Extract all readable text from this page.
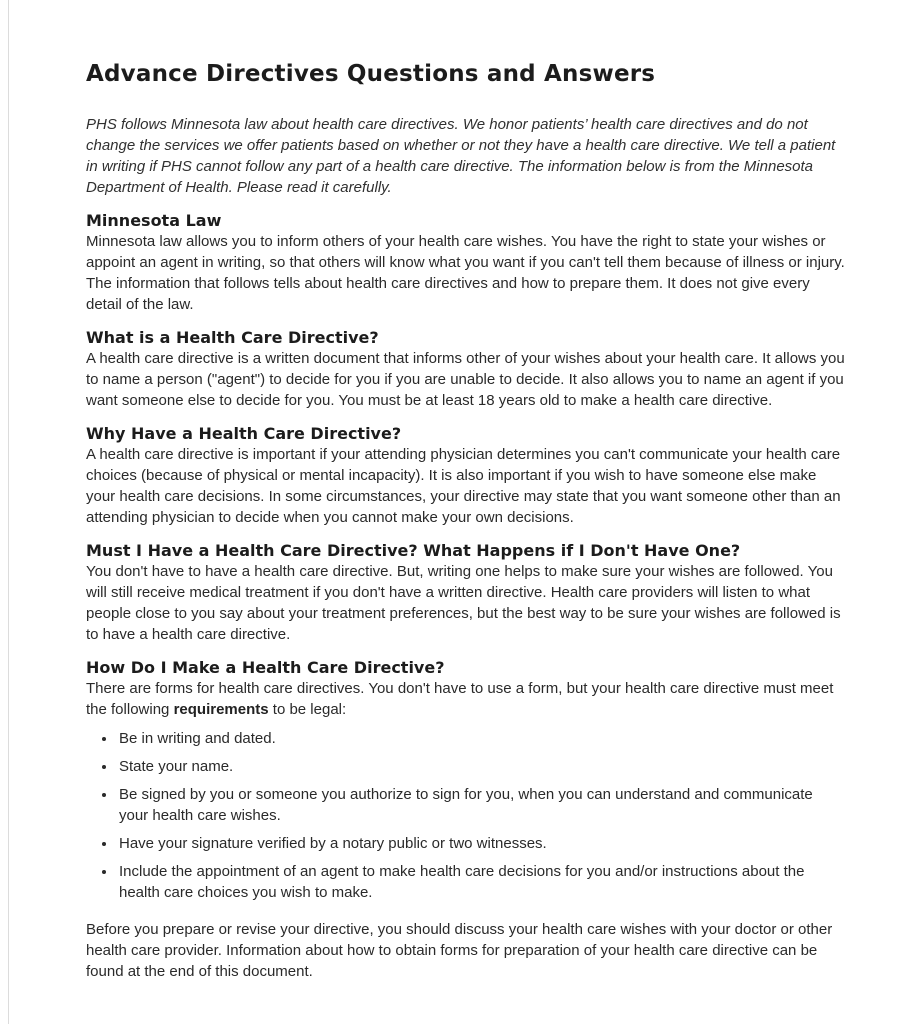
Advance Directives Questions and Answers

PHS follows Minnesota law about health care directives. We honor patients’ health care directives and do not change the services we offer patients based on whether or not they have a health care directive. We tell a patient in writing if PHS cannot follow any part of a health care directive. The information below is from the Minnesota Department of Health. Please read it carefully.

Minnesota Law

Minnesota law allows you to inform others of your health care wishes. You have the right to state your wishes or appoint an agent in writing, so that others will know what you want if you can't tell them because of illness or injury. The information that follows tells about health care directives and how to prepare them. It does not give every detail of the law.

What is a Health Care Directive?

A health care directive is a written document that informs other of your wishes about your health care. It allows you to name a person ("agent") to decide for you if you are unable to decide. It also allows you to name an agent if you want someone else to decide for you. You must be at least 18 years old to make a health care directive.

Why Have a Health Care Directive?

A health care directive is important if your attending physician determines you can't communicate your health care choices (because of physical or mental incapacity). It is also important if you wish to have someone else make your health care decisions. In some circumstances, your directive may state that you want someone other than an attending physician to decide when you cannot make your own decisions.

Must I Have a Health Care Directive? What Happens if I Don't Have One?

You don't have to have a health care directive. But, writing one helps to make sure your wishes are followed. You will still receive medical treatment if you don't have a written directive. Health care providers will listen to what people close to you say about your treatment preferences, but the best way to be sure your wishes are followed is to have a health care directive.

How Do I Make a Health Care Directive?

There are forms for health care directives. You don't have to use a form, but your health care directive must meet the following requirements to be legal:

• Be in writing and dated.
• State your name.
• Be signed by you or someone you authorize to sign for you, when you can understand and communicate your health care wishes.
• Have your signature verified by a notary public or two witnesses.
• Include the appointment of an agent to make health care decisions for you and/or instructions about the health care choices you wish to make.

Before you prepare or revise your directive, you should discuss your health care wishes with your doctor or other health care provider. Information about how to obtain forms for preparation of your health care directive can be found at the end of this document.
